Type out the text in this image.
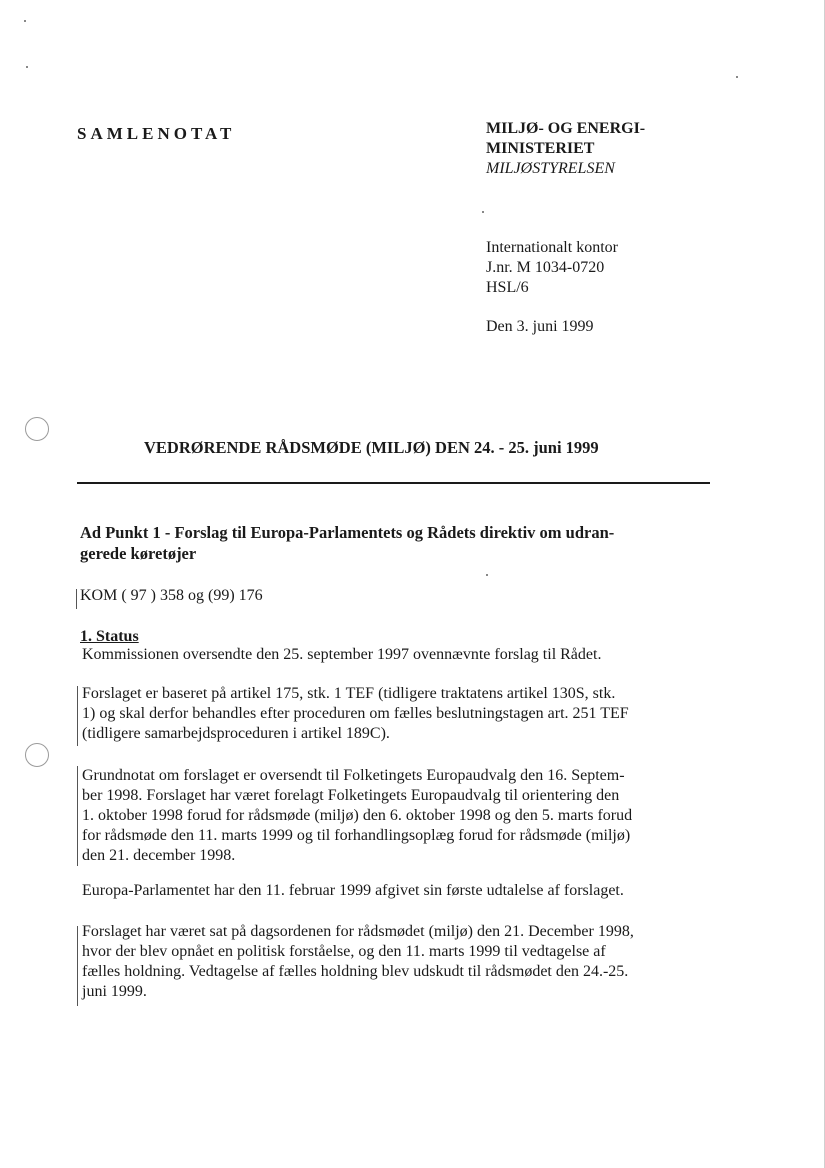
SAMLENOTAT	MILJØ- OG ENERGI-
MINISTERIET
MILJØSTYRELSEN
Internationalt kontor
J.nr. M 1034-0720
HSL/6
Den 3. juni 1999
VEDRØRENDE RÅDSMØDE (MILJØ) DEN 24. - 25. juni 1999
Ad Punkt 1 - Forslag til Europa-Parlamentets og Rådets direktiv om udran-
gerede køretøjer
KOM ( 97 ) 358 og (99) 176
1. Status
Kommissionen oversendte den 25. september 1997 ovennævnte forslag til Rådet.
Forslaget er baseret på artikel 175, stk. 1 TEF (tidligere traktatens artikel 130S, stk.
1) og skal derfor behandles efter proceduren om fælles beslutningstagen art. 251 TEF
(tidligere samarbejdsproceduren i artikel 189C).
Grundnotat om forslaget er oversendt til Folketingets Europaudvalg den 16. Septem-
ber 1998. Forslaget har været forelagt Folketingets Europaudvalg til orientering den
1. oktober 1998 forud for rådsmøde (miljø) den 6. oktober 1998 og den 5. marts forud
for rådsmøde den 11. marts 1999 og til forhandlingsoplæg forud for rådsmøde (miljø)
den 21. december 1998.
Europa-Parlamentet har den 11. februar 1999 afgivet sin første udtalelse af forslaget.
Forslaget har været sat på dagsordenen for rådsmødet (miljø) den 21. December 1998,
hvor der blev opnået en politisk forståelse, og den 11. marts 1999 til vedtagelse af
fælles holdning. Vedtagelse af fælles holdning blev udskudt til rådsmødet den 24.-25.
juni 1999.
